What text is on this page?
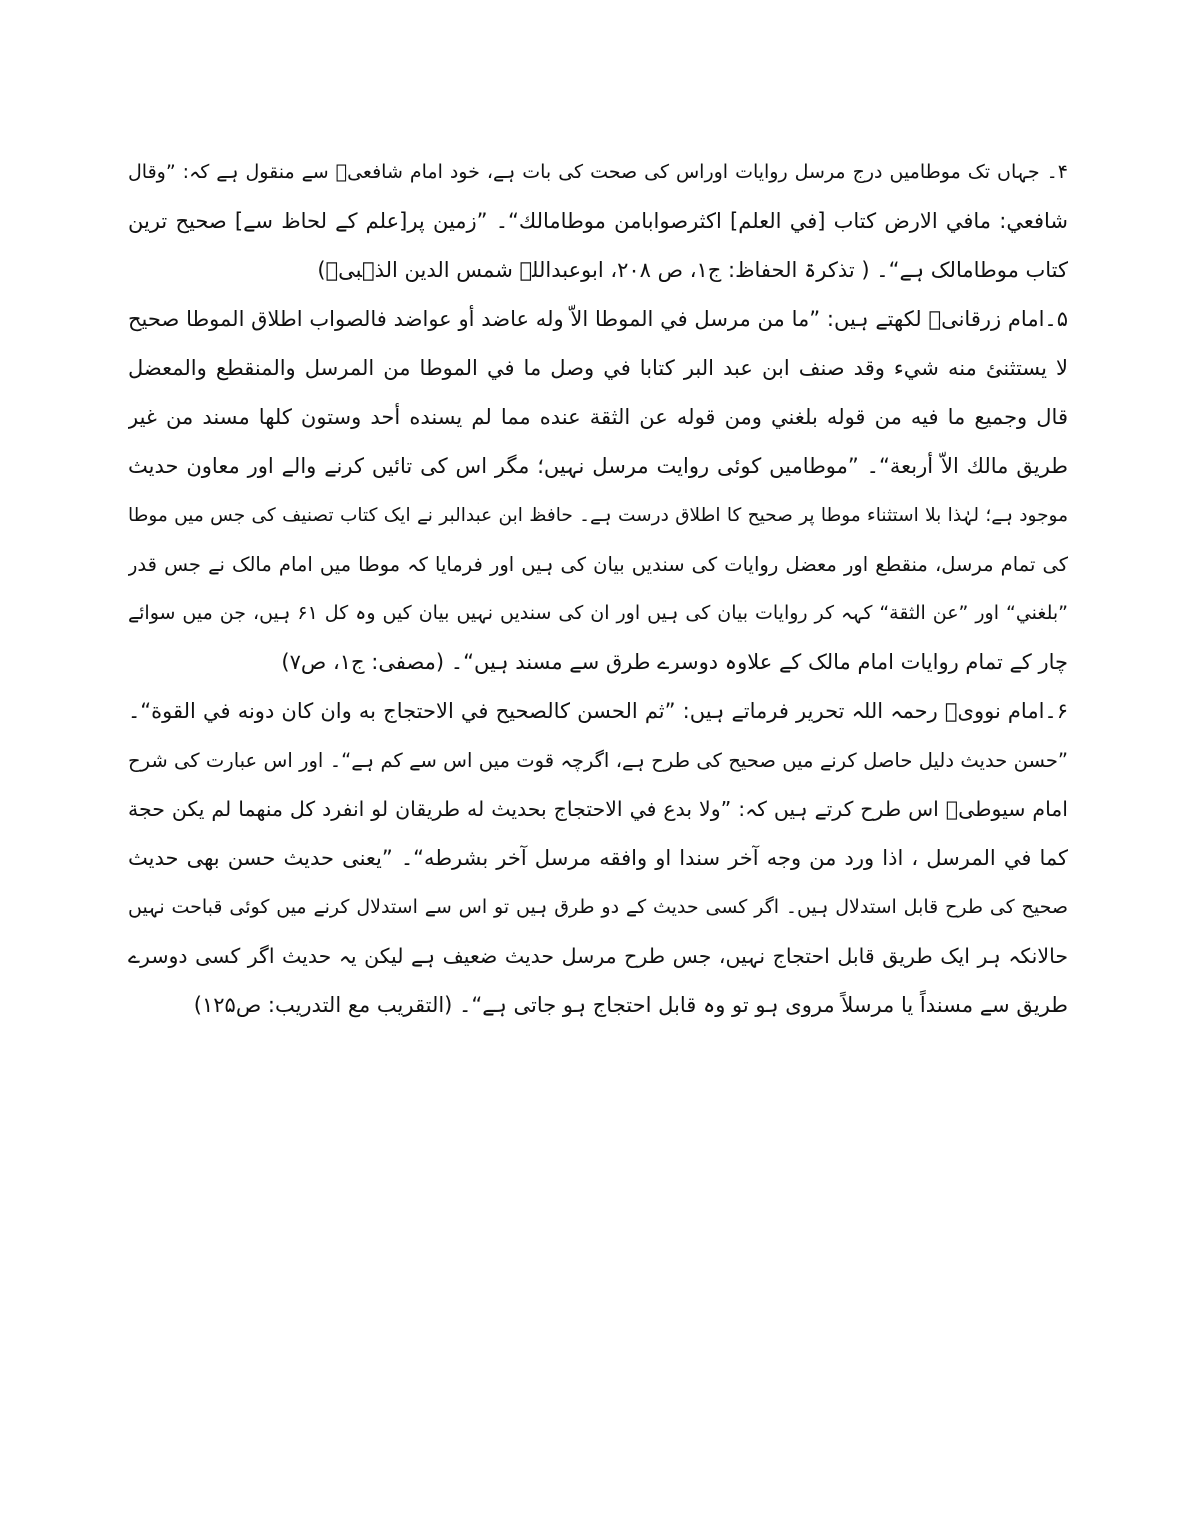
۴۔ جہاں تک موطامیں درج مرسل روایات اوراس کی صحت کی بات ہے، خود امام شافعیؒ سے منقول ہے کہ: ”وقال
شافعي: مافي الارض كتاب [في العلم] اكثرصوابامن موطامالك“۔ ”زمین پر[علم کے لحاظ سے] صحیح ترین
کتاب موطامالک ہے“۔ ( تذکرۃ الحفاظ: ج۱، ص ۲۰۸، ابوعبداللہ شمس الدین الذہبیؒ)
۵۔امام زرقانیؒ لکھتے ہیں: ”ما من مرسل في الموطا الاّ وله عاضد أو عواضد فالصواب اطلاق الموطا صحيح
لا يستثنئ منه شيء وقد صنف ابن عبد البر كتابا في وصل ما في الموطا من المرسل والمنقطع والمعضل
قال وجميع ما فيه من قوله بلغني ومن قوله عن الثقة عنده مما لم يسنده أحد وستون كلها مسند من غير
طريق مالك الاّ أربعة“۔ ”موطامیں کوئی روایت مرسل نہیں؛ مگر اس کی تائیں کرنے والے اور معاون حدیث
موجود ہے؛ لہٰذا بلا استثناء موطا پر صحیح کا اطلاق درست ہے۔ حافظ ابن عبدالبر نے ایک کتاب تصنیف کی جس میں موطا
کی تمام مرسل، منقطع اور معضل روایات کی سندیں بیان کی ہیں اور فرمایا کہ موطا میں امام مالک نے جس قدر
”بلغني“ اور ”عن الثقة“ کہہ کر روایات بیان کی ہیں اور ان کی سندیں نہیں بیان کیں وہ کل ۶۱ ہیں، جن میں سوائے
چار کے تمام روایات امام مالک کے علاوہ دوسرے طرق سے مسند ہیں“۔ (مصفی: ج۱، ص۷)
۶۔امام نوویؒ رحمہ اللہ تحریر فرماتے ہیں: ”ثم الحسن كالصحيح في الاحتجاج به وان كان دونه في القوة“۔
”حسن حدیث دلیل حاصل کرنے میں صحیح کی طرح ہے، اگرچہ قوت میں اس سے کم ہے“۔ اور اس عبارت کی شرح
امام سیوطیؒ اس طرح کرتے ہیں کہ: ”ولا بدع في الاحتجاج بحديث له طريقان لو انفرد كل منهما لم يكن حجة
كما في المرسل ، اذا ورد من وجه آخر سندا او وافقه مرسل آخر بشرطه“۔ ”یعنی حدیث حسن بھی حدیث
صحیح کی طرح قابل استدلال ہیں۔ اگر کسی حدیث کے دو طرق ہیں تو اس سے استدلال کرنے میں کوئی قباحت نہیں
حالانکہ ہر ایک طریق قابل احتجاج نہیں، جس طرح مرسل حدیث ضعیف ہے لیکن یہ حدیث اگر کسی دوسرے
طریق سے مسنداً یا مرسلاً مروی ہو تو وہ قابل احتجاج ہو جاتی ہے“۔ (التقریب مع التدریب: ص۱۲۵)
